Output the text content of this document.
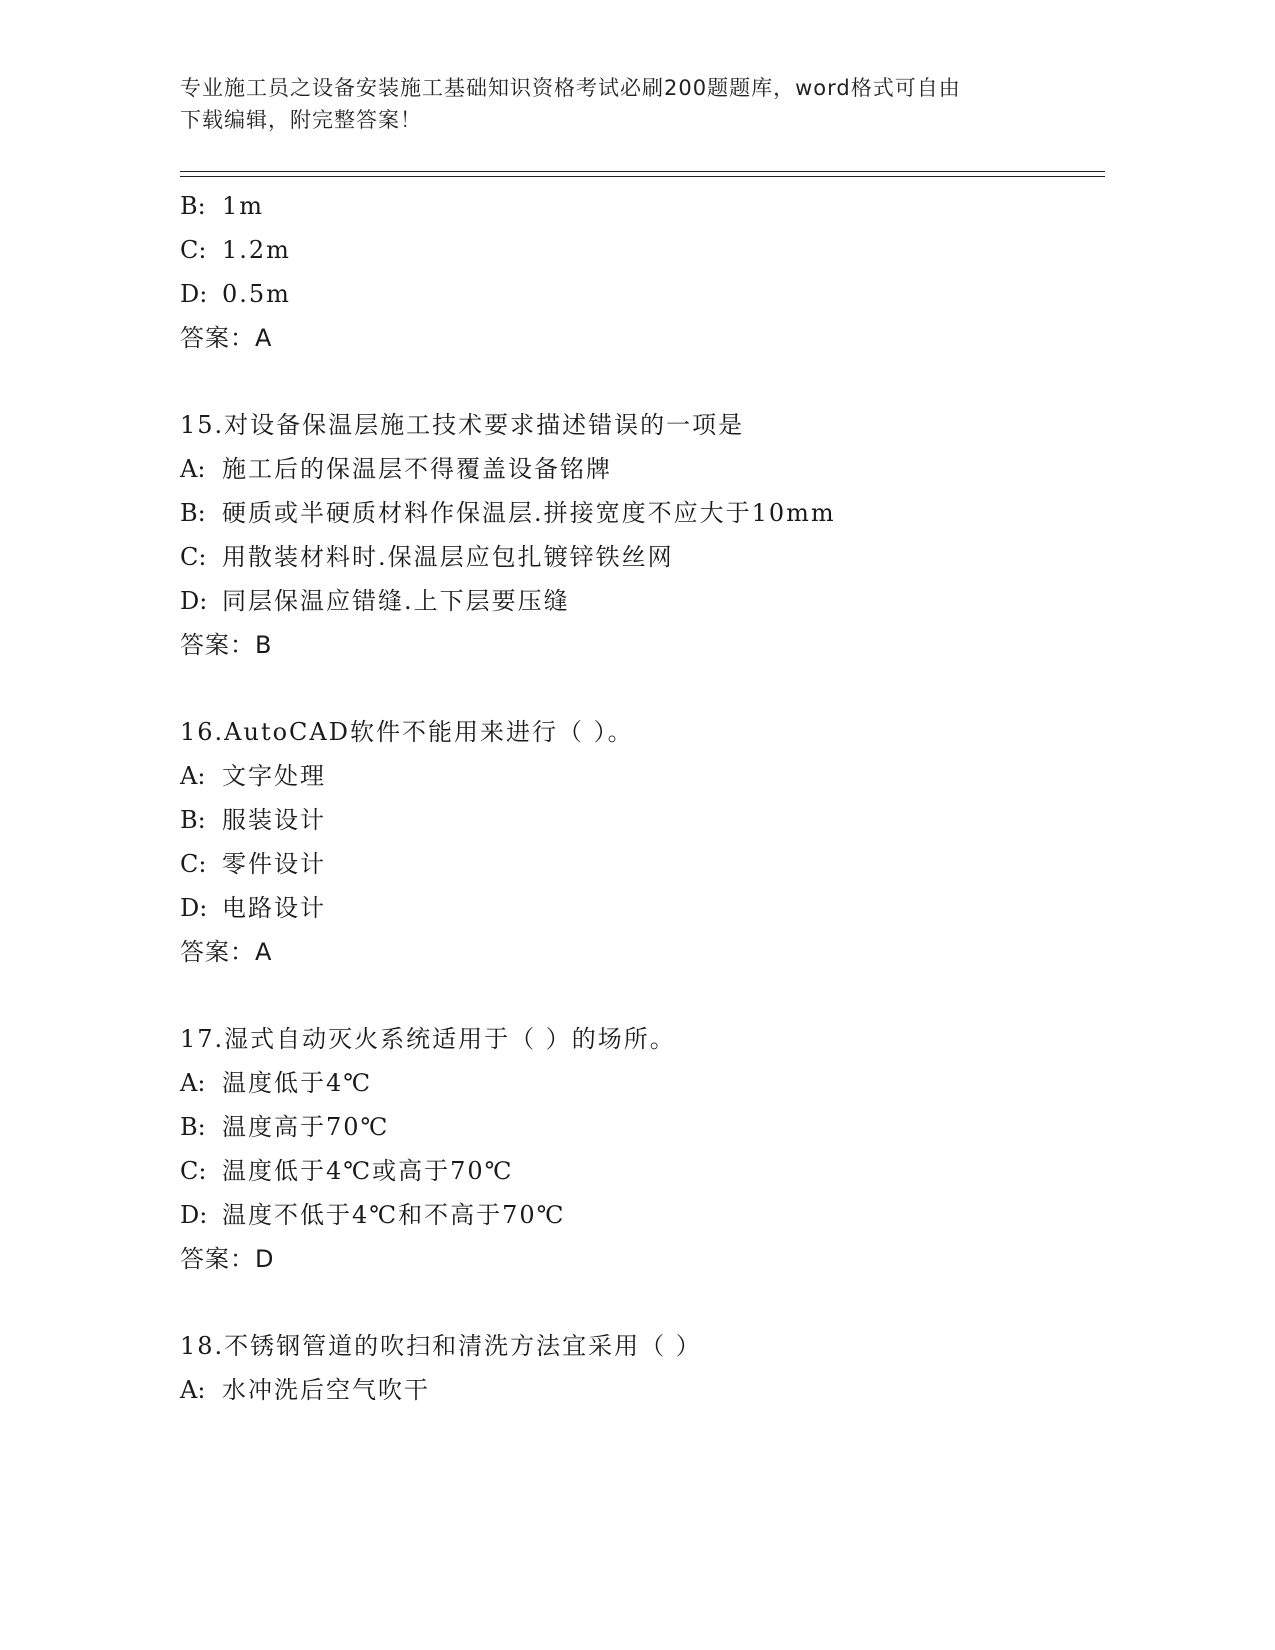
专业施工员之设备安装施工基础知识资格考试必刷200题题库，word格式可自由
下载编辑，附完整答案！
B: 1m
C: 1.2m
D: 0.5m
答案：A
15.对设备保温层施工技术要求描述错误的一项是
A: 施工后的保温层不得覆盖设备铭牌
B: 硬质或半硬质材料作保温层.拼接宽度不应大于10mm
C: 用散装材料时.保温层应包扎镀锌铁丝网
D: 同层保温应错缝.上下层要压缝
答案：B
16.AutoCAD软件不能用来进行（ ）。
A: 文字处理
B: 服装设计
C: 零件设计
D: 电路设计
答案：A
17.湿式自动灭火系统适用于（ ）的场所。
A: 温度低于4℃
B: 温度高于70℃
C: 温度低于4℃或高于70℃
D: 温度不低于4℃和不高于70℃
答案：D
18.不锈钢管道的吹扫和清洗方法宜采用（ ）
A: 水冲洗后空气吹干
